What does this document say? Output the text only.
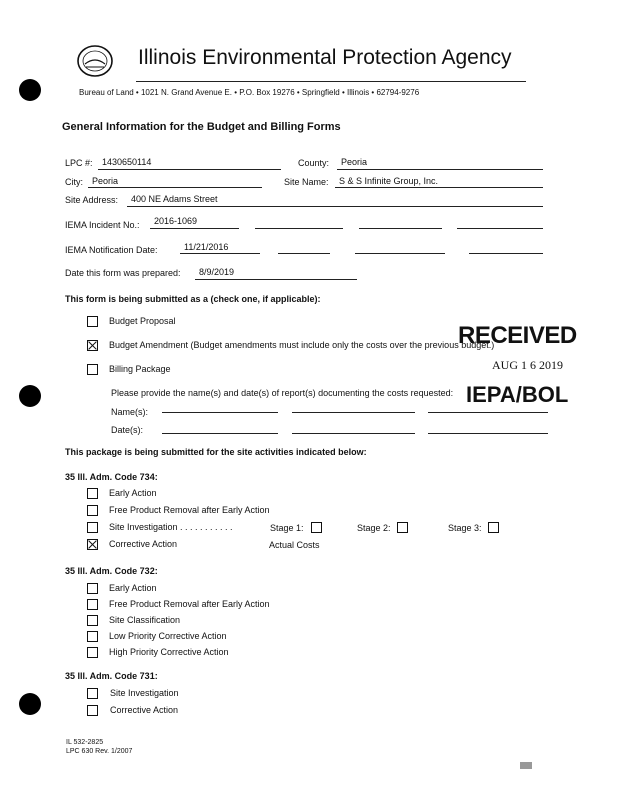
Illinois Environmental Protection Agency
Bureau of Land • 1021 N. Grand Avenue E. • P.O. Box 19276 • Springfield • Illinois • 62794-9276
General Information for the Budget and Billing Forms
LPC #: 1430650114	County: Peoria
City: Peoria	Site Name: S & S Infinite Group, Inc.
Site Address: 400 NE Adams Street
IEMA Incident No.: 2016-1069
IEMA Notification Date:	11/21/2016
Date this form was prepared: 8/9/2019
This form is being submitted as a (check one, if applicable):
Budget Proposal
Budget Amendment (Budget amendments must include only the costs over the previous budget.)
Billing Package
Please provide the name(s) and date(s) of report(s) documenting the costs requested:
Name(s):
Date(s):
RECEIVED
AUG 1 6 2019
IEPA/BOL
This package is being submitted for the site activities indicated below:
35 Ill. Adm. Code 734:
Early Action
Free Product Removal after Early Action
Site Investigation . . . . . . . . . . .	Stage 1:	Stage 2:	Stage 3:
Corrective Action	Actual Costs
35 Ill. Adm. Code 732:
Early Action
Free Product Removal after Early Action
Site Classification
Low Priority Corrective Action
High Priority Corrective Action
35 Ill. Adm. Code 731:
Site Investigation
Corrective Action
IL 532-2825
LPC 630 Rev. 1/2007
